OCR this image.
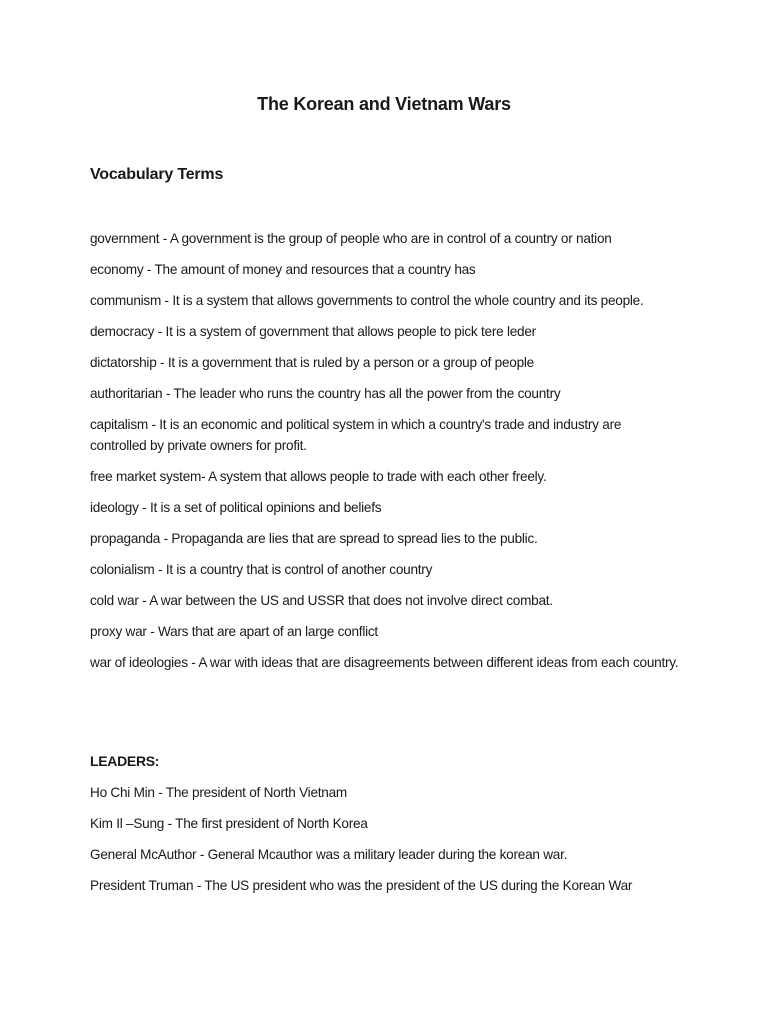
The Korean and Vietnam Wars
Vocabulary Terms
government - A government is the group of people who are in control of a country or nation
economy - The amount of money and resources that a country has
communism - It is a system that allows governments to control the whole country and its people.
democracy - It is a system of government that allows people to pick tere leder
dictatorship - It is a government that is ruled by a person or a group of people
authoritarian - The leader who runs the country has all the power from the country
capitalism - It is an economic and political system in which a country's trade and industry are controlled by private owners for profit.
free market system- A system that allows people to trade with each other freely.
ideology - It is a set of political opinions and beliefs
propaganda - Propaganda are lies that are spread to spread lies to the public.
colonialism - It is a country that is control of another country
cold war - A war between the US and USSR that does not involve direct combat.
proxy war - Wars that are apart of an large conflict
war of ideologies - A war with ideas that are disagreements between different ideas from each country.
LEADERS:
Ho Chi Min - The president of North Vietnam
Kim Il –Sung - The first president of North Korea
General McAuthor - General Mcauthor was a military leader during the korean war.
President Truman - The US president who was the president of the US during the Korean War
